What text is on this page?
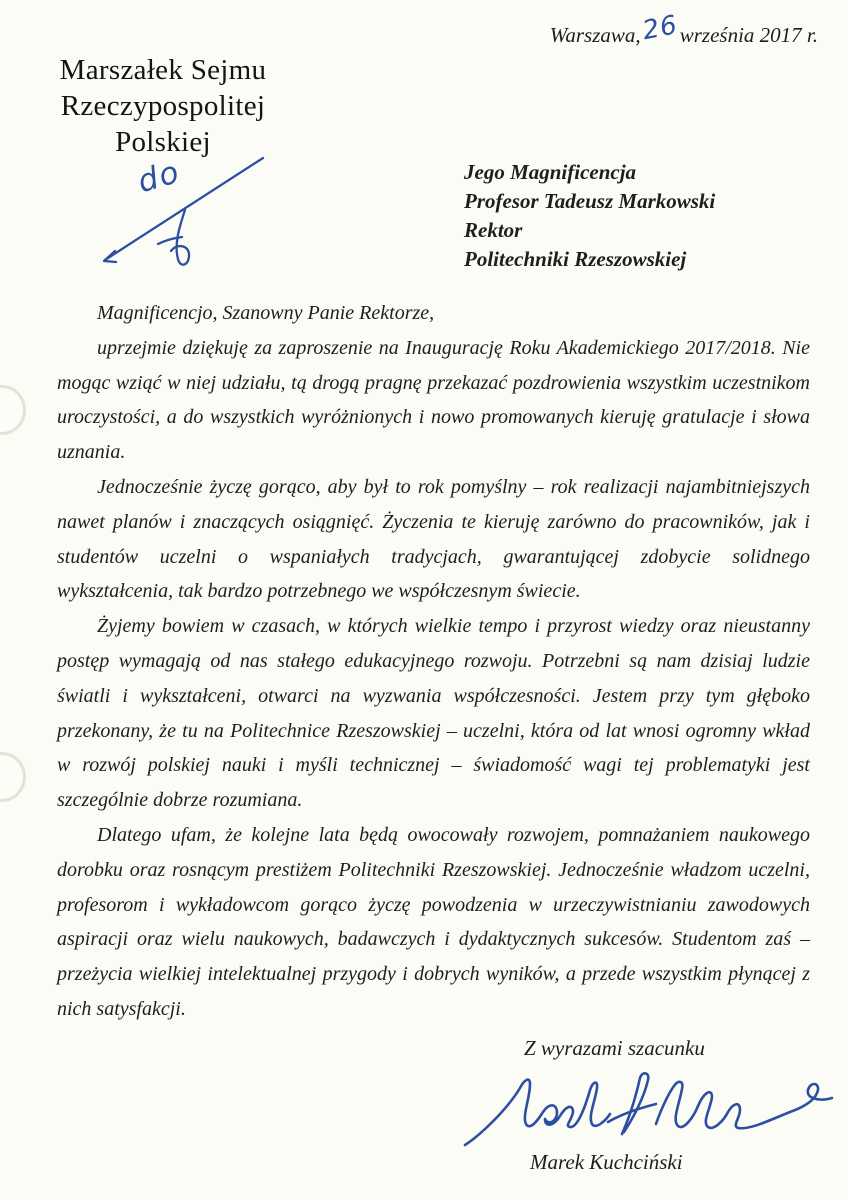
Warszawa, 26 września 2017 r.
Marszałek Sejmu
Rzeczypospolitej Polskiej
do	Jego Magnificencja
Profesor Tadeusz Markowski
Rektor
Politechniki Rzeszowskiej

Magnificencjo, Szanowny Panie Rektorze,

uprzejmie dziękuję za zaproszenie na Inaugurację Roku Akademickiego 2017/2018. Nie mogąc wziąć w niej udziału, tą drogą pragnę przekazać pozdrowienia wszystkim uczestnikom uroczystości, a do wszystkich wyróżnionych i nowo promowanych kieruję gratulacje i słowa uznania.

Jednocześnie życzę gorąco, aby był to rok pomyślny – rok realizacji najambitniejszych nawet planów i znaczących osiągnięć. Życzenia te kieruję zarówno do pracowników, jak i studentów uczelni o wspaniałych tradycjach, gwarantującej zdobycie solidnego wykształcenia, tak bardzo potrzebnego we współczesnym świecie.

Żyjemy bowiem w czasach, w których wielkie tempo i przyrost wiedzy oraz nieustanny postęp wymagają od nas stałego edukacyjnego rozwoju. Potrzebni są nam dzisiaj ludzie światli i wykształceni, otwarci na wyzwania współczesności. Jestem przy tym głęboko przekonany, że tu na Politechnice Rzeszowskiej – uczelni, która od lat wnosi ogromny wkład w rozwój polskiej nauki i myśli technicznej – świadomość wagi tej problematyki jest szczególnie dobrze rozumiana.

Dlatego ufam, że kolejne lata będą owocowały rozwojem, pomnażaniem naukowego dorobku oraz rosnącym prestiżem Politechniki Rzeszowskiej. Jednocześnie władzom uczelni, profesorom i wykładowcom gorąco życzę powodzenia w urzeczywistnianiu zawodowych aspiracji oraz wielu naukowych, badawczych i dydaktycznych sukcesów. Studentom zaś – przeżycia wielkiej intelektualnej przygody i dobrych wyników, a przede wszystkim płynącej z nich satysfakcji.

Z wyrazami szacunku
Marek Kuchciński
